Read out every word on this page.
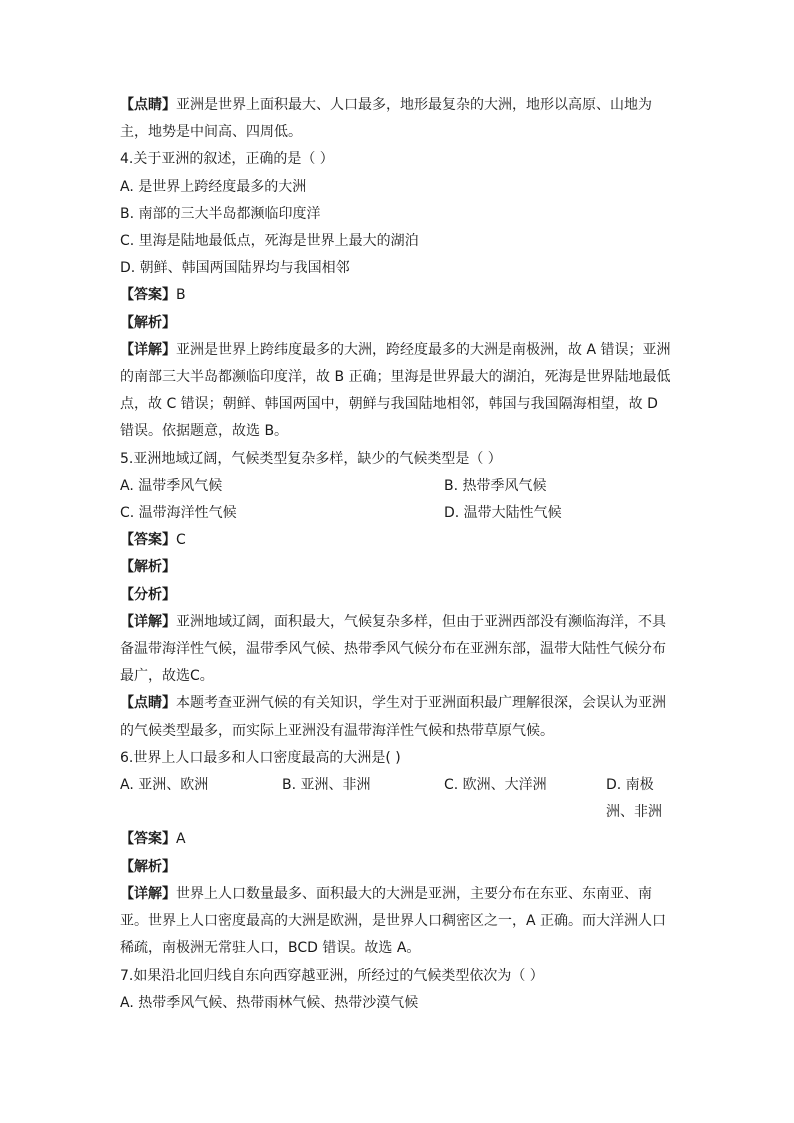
【点睛】亚洲是世界上面积最大、人口最多，地形最复杂的大洲，地形以高原、山地为主，地势是中间高、四周低。

4.关于亚洲的叙述，正确的是（ ）

A. 是世界上跨经度最多的大洲

B. 南部的三大半岛都濒临印度洋

C. 里海是陆地最低点，死海是世界上最大的湖泊

D. 朝鲜、韩国两国陆界均与我国相邻

【答案】B

【解析】

【详解】亚洲是世界上跨纬度最多的大洲，跨经度最多的大洲是南极洲，故 A 错误；亚洲的南部三大半岛都濒临印度洋，故 B 正确；里海是世界最大的湖泊，死海是世界陆地最低点，故 C 错误；朝鲜、韩国两国中，朝鲜与我国陆地相邻，韩国与我国隔海相望，故 D 错误。依据题意，故选 B。

5.亚洲地域辽阔，气候类型复杂多样，缺少的气候类型是（ ）

A. 温带季风气候	B. 热带季风气候
C. 温带海洋性气候	D. 温带大陆性气候

【答案】C

【解析】

【分析】

【详解】亚洲地域辽阔，面积最大，气候复杂多样，但由于亚洲西部没有濒临海洋，不具备温带海洋性气候，温带季风气候、热带季风气候分布在亚洲东部，温带大陆性气候分布最广，故选C。

【点睛】本题考查亚洲气候的有关知识，学生对于亚洲面积最广理解很深，会误认为亚洲的气候类型最多，而实际上亚洲没有温带海洋性气候和热带草原气候。

6.世界上人口最多和人口密度最高的大洲是( )

A. 亚洲、欧洲	B. 亚洲、非洲	C. 欧洲、大洋洲	D. 南极洲、非洲

【答案】A

【解析】

【详解】世界上人口数量最多、面积最大的大洲是亚洲，主要分布在东亚、东南亚、南亚。世界上人口密度最高的大洲是欧洲，是世界人口稠密区之一，A 正确。而大洋洲人口稀疏，南极洲无常驻人口，BCD 错误。故选 A。

7.如果沿北回归线自东向西穿越亚洲，所经过的气候类型依次为（ ）

A. 热带季风气候、热带雨林气候、热带沙漠气候
